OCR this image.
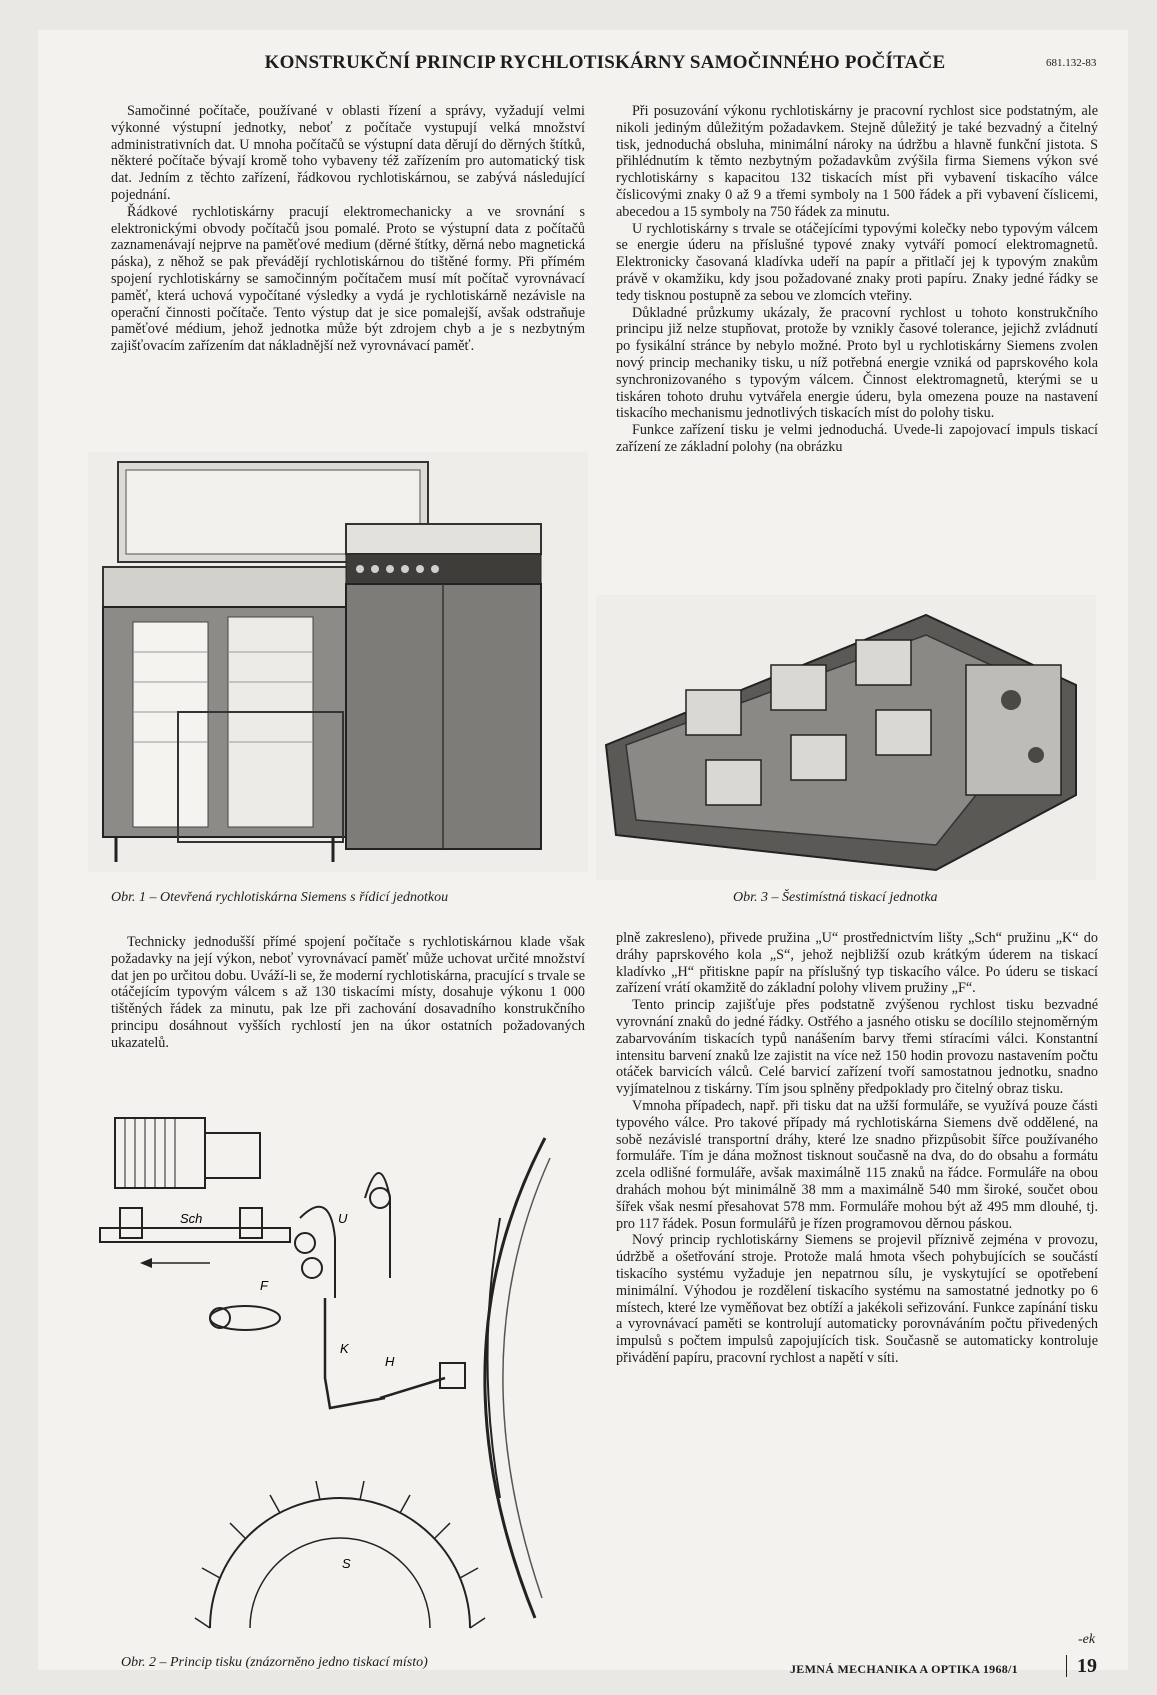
KONSTRUKČNÍ PRINCIP RYCHLOTISKÁRNY SAMOČINNÉHO POČÍTAČE	681.132-83

Samočinné počítače, používané v oblasti řízení a správy, vyžadují velmi výkonné výstupní jednotky, neboť z počítače vystupují velká množství administrativních dat. U mnoha počítačů se výstupní data děrují do děrných štítků, některé počítače bývají kromě toho vybaveny též zařízením pro automatický tisk dat. Jedním z těchto zařízení, řádkovou rychlotiskárnou, se zabývá následující pojednání.

Řádkové rychlotiskárny pracují elektromechanicky a ve srovnání s elektronickými obvody počítačů jsou pomalé. Proto se výstupní data z počítačů zaznamenávají nejprve na paměťové medium (děrné štítky, děrná nebo magnetická páska), z něhož se pak převádějí rychlotiskárnou do tištěné formy. Při přímém spojení rychlotiskárny se samočinným počítačem musí mít počítač vyrovnávací paměť, která uchová vypočítané výsledky a vydá je rychlotiskárně nezávisle na operační činnosti počítače. Tento výstup dat je sice pomalejší, avšak odstraňuje paměťové médium, jehož jednotka může být zdrojem chyb a je s nezbytným zajišťovacím zařízením dat nákladnější než vyrovnávací paměť.

Obr. 1 – Otevřená rychlotiskárna Siemens s řídicí jednotkou

Technicky jednodušší přímé spojení počítače s rychlotiskárnou klade však požadavky na její výkon, neboť vyrovnávací paměť může uchovat určité množství dat jen po určitou dobu. Uváží-li se, že moderní rychlotiskárna, pracující s trvale se otáčejícím typovým válcem s až 130 tiskacími místy, dosahuje výkonu 1 000 tištěných řádek za minutu, pak lze při zachování dosavadního konstrukčního principu dosáhnout vyšších rychlostí jen na úkor ostatních požadovaných ukazatelů.

Sch	U
F
K
H
S
Obr. 2 – Princip tisku (znázorněno jedno tiskací místo)

Při posuzování výkonu rychlotiskárny je pracovní rychlost sice podstatným, ale nikoli jediným důležitým požadavkem. Stejně důležitý je také bezvadný a čitelný tisk, jednoduchá obsluha, minimální nároky na údržbu a hlavně funkční jistota. S přihlédnutím k těmto nezbytným požadavkům zvýšila firma Siemens výkon své rychlotiskárny s kapacitou 132 tiskacích míst při vybavení tiskacího válce číslicovými znaky 0 až 9 a třemi symboly na 1 500 řádek a při vybavení číslicemi, abecedou a 15 symboly na 750 řádek za minutu.

U rychlotiskárny s trvale se otáčejícími typovými kolečky nebo typovým válcem se energie úderu na příslušné typové znaky vytváří pomocí elektromagnetů. Elektronicky časovaná kladívka udeří na papír a přitlačí jej k typovým znakům právě v okamžiku, kdy jsou požadované znaky proti papíru. Znaky jedné řádky se tedy tisknou postupně za sebou ve zlomcích vteřiny.

Důkladné průzkumy ukázaly, že pracovní rychlost u tohoto konstrukčního principu již nelze stupňovat, protože by vznikly časové tolerance, jejichž zvládnutí po fysikální stránce by nebylo možné. Proto byl u rychlotiskárny Siemens zvolen nový princip mechaniky tisku, u níž potřebná energie vzniká od paprskového kola synchronizovaného s typovým válcem. Činnost elektromagnetů, kterými se u tiskáren tohoto druhu vytvářela energie úderu, byla omezena pouze na nastavení tiskacího mechanismu jednotlivých tiskacích míst do polohy tisku.

Funkce zařízení tisku je velmi jednoduchá. Uvede-li zapojovací impuls tiskací zařízení ze základní polohy (na obrázku

Obr. 3 – Šestimístná tiskací jednotka

plně zakresleno), přivede pružina „U“ prostřednictvím lišty „Sch“ pružinu „K“ do dráhy paprskového kola „S“, jehož nejbližší ozub krátkým úderem na tiskací kladívko „H“ přitiskne papír na příslušný typ tiskacího válce. Po úderu se tiskací zařízení vrátí okamžitě do základní polohy vlivem pružiny „F“.

Tento princip zajišťuje přes podstatně zvýšenou rychlost tisku bezvadné vyrovnání znaků do jedné řádky. Ostřého a jasného otisku se docílilo stejnoměrným zabarvováním tiskacích typů nanášením barvy třemi stíracími válci. Konstantní intensitu barvení znaků lze zajistit na více než 150 hodin provozu nastavením počtu otáček barvicích válců. Celé barvicí zařízení tvoří samostatnou jednotku, snadno vyjímatelnou z tiskárny. Tím jsou splněny předpoklady pro čitelný obraz tisku.

Vmnoha případech, např. při tisku dat na užší formuláře, se využívá pouze části typového válce. Pro takové případy má rychlotiskárna Siemens dvě oddělené, na sobě nezávislé transportní dráhy, které lze snadno přizpůsobit šířce používaného formuláře. Tím je dána možnost tisknout současně na dva, do do obsahu a formátu zcela odlišné formuláře, avšak maximálně 115 znaků na řádce. Formuláře na obou drahách mohou být minimálně 38 mm a maximálně 540 mm široké, součet obou šířek však nesmí přesahovat 578 mm. Formuláře mohou být až 495 mm dlouhé, tj. pro 117 řádek. Posun formulářů je řízen programovou děrnou páskou.

Nový princip rychlotiskárny Siemens se projevil příznivě zejména v provozu, údržbě a ošetřování stroje. Protože malá hmota všech pohybujících se součástí tiskacího systému vyžaduje jen nepatrnou sílu, je vyskytující se opotřebení minimální. Výhodou je rozdělení tiskacího systému na samostatné jednotky po 6 místech, které lze vyměňovat bez obtíží a jakékoli seřizování. Funkce zapínání tisku a vyrovnávací paměti se kontrolují automaticky porovnáváním počtu přivedených impulsů s počtem impulsů zapojujících tisk. Současně se automaticky kontroluje přivádění papíru, pracovní rychlost a napětí v síti.

-ek
JEMNÁ MECHANIKA A OPTIKA 1968/1	19
